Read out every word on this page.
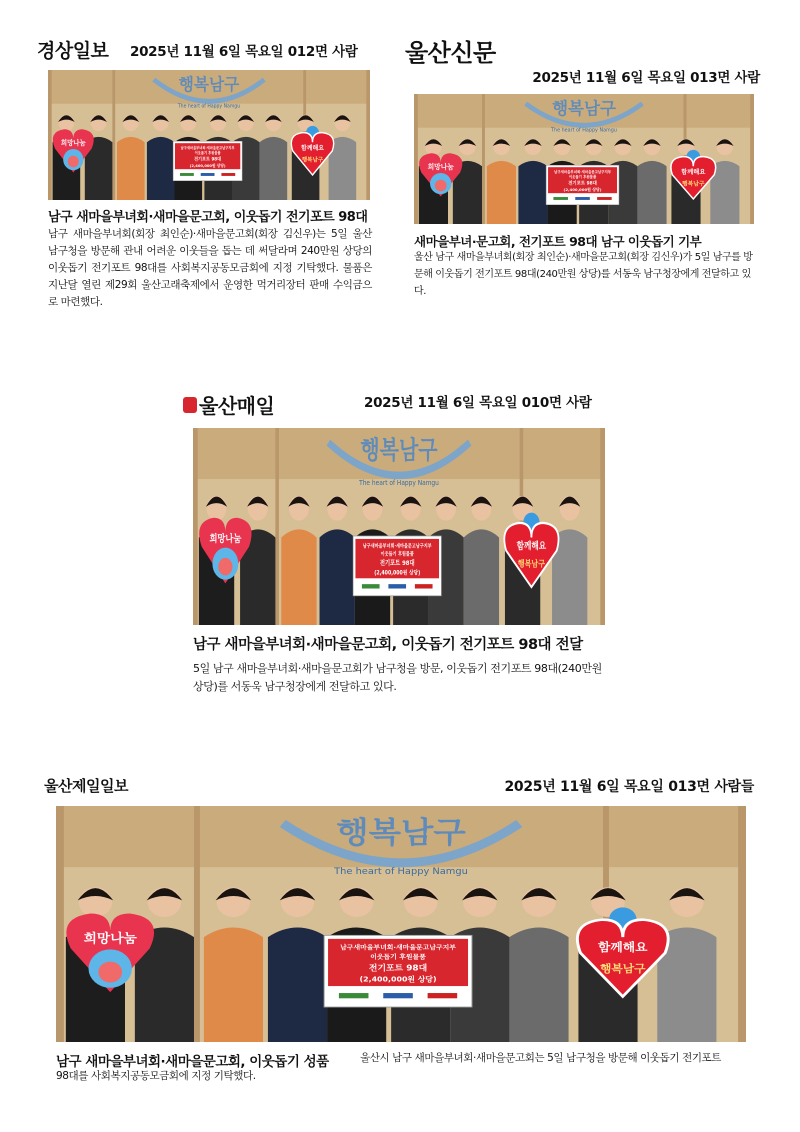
경상일보 2025년 11월 6일 목요일 012면 사람
행복남구
The heart of Happy Namgu
희망나눔
함께해요
행복남구
남구새마을부녀회·새마을문고남구지부
이웃돕기 후원물품
전기포트 98대
(2,400,000원 상당)
남구 새마을부녀회·새마을문고회, 이웃돕기 전기포트 98대
남구 새마을부녀회(회장 최인순)·새마을문고회(회장 김신우)는 5일 울산 남구청을 방문해 관내 어려운 이웃들을 돕는 데 써달라며 240만원 상당의 이웃돕기 전기포트 98대를 사회복지공동모금회에 지정 기탁했다. 물품은 지난달 열린 제29회 울산고래축제에서 운영한 먹거리장터 판매 수익금으로 마련했다.
울산신문
2025년 11월 6일 목요일 013면 사람
행복남구
The heart of Happy Namgu
희망나눔
함께해요
행복남구
남구새마을부녀회·새마을문고남구지부
이웃돕기 후원물품
전기포트 98대
(2,400,000원 상당)
새마을부녀·문고회, 전기포트 98대 남구 이웃돕기 기부
울산 남구 새마을부녀회(회장 최인순)·새마을문고회(회장 김신우)가 5일 남구를 방문해 이웃돕기 전기포트 98대(240만원 상당)를 서동욱 남구청장에게 전달하고 있다.
울산매일	2025년 11월 6일 목요일 010면 사람
행복남구
The heart of Happy Namgu
희망나눔
함께해요
행복남구
남구새마을부녀회·새마을문고남구지부
이웃돕기 후원물품
전기포트 98대
(2,400,000원 상당)
남구 새마을부녀회·새마을문고회, 이웃돕기 전기포트 98대 전달
5일 남구 새마을부녀회·새마을문고회가 남구청을 방문, 이웃돕기 전기포트 98대(240만원 상당)를 서동욱 남구청장에게 전달하고 있다.
울산제일일보	2025년 11월 6일 목요일 013면 사람들
행복남구
The heart of Happy Namgu
희망나눔
함께해요
행복남구
남구새마을부녀회·새마을문고남구지부
이웃돕기 후원물품
전기포트 98대
(2,400,000원 상당)
남구 새마을부녀회·새마을문고회, 이웃돕기 성품	울산시 남구 새마을부녀회·새마을문고회는 5일 남구청을 방문해 이웃돕기 전기포트
98대를 사회복지공동모금회에 지정 기탁했다.
